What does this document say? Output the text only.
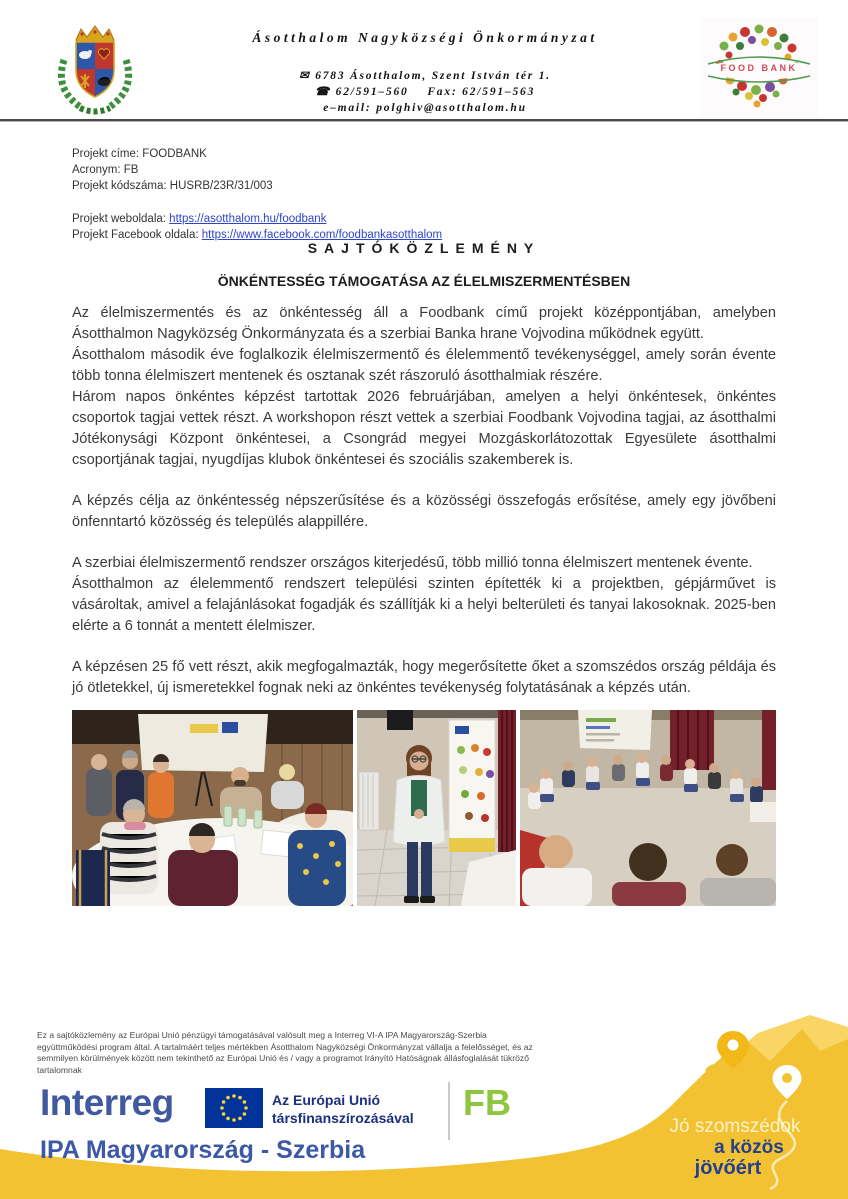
Ásotthalom Nagyközségi Önkormányzat
✉ 6783 Ásotthalom, Szent István tér 1.
☎ 62/591–560 Fax: 62/591–563
e–mail: polghiv@asotthalom.hu
FOOD BANK
Projekt címe: FOODBANK
Acronym: FB
Projekt kódszáma: HUSRB/23R/31/003
Projekt weboldala: https://asotthalom.hu/foodbank
Projekt Facebook oldala: https://www.facebook.com/foodbankasotthalom
SAJTÓKÖZLEMÉNY
ÖNKÉNTESSÉG TÁMOGATÁSA AZ ÉLELMISZERMENTÉSBEN

Az élelmiszermentés és az önkéntesség áll a Foodbank című projekt középpontjában, amelyben Ásotthalmon Nagyközség Önkormányzata és a szerbiai Banka hrane Vojvodina működnek együtt.

Ásotthalom második éve foglalkozik élelmiszermentő és élelemmentő tevékenységgel, amely során évente több tonna élelmiszert mentenek és osztanak szét rászoruló ásotthalmiak részére.

Három napos önkéntes képzést tartottak 2026 februárjában, amelyen a helyi önkéntesek, önkéntes csoportok tagjai vettek részt. A workshopon részt vettek a szerbiai Foodbank Vojvodina tagjai, az ásotthalmi Jótékonysági Központ önkéntesei, a Csongrád megyei Mozgáskorlátozottak Egyesülete ásotthalmi csoportjának tagjai, nyugdíjas klubok önkéntesei és szociális szakemberek is.

A képzés célja az önkéntesség népszerűsítése és a közösségi összefogás erősítése, amely egy jövőbeni önfenntartó közösség és település alappillére.

A szerbiai élelmiszermentő rendszer országos kiterjedésű, több millió tonna élelmiszert mentenek évente.

Ásotthalmon az élelemmentő rendszert települési szinten építették ki a projektben, gépjárművet is vásároltak, amivel a felajánlásokat fogadják és szállítják ki a helyi belterületi és tanyai lakosoknak. 2025-ben elérte a 6 tonnát a mentett élelmiszer.

A képzésen 25 fő vett részt, akik megfogalmazták, hogy megerősítette őket a szomszédos ország példája és jó ötletekkel, új ismeretekkel fognak neki az önkéntes tevékenység folytatásának a képzés után.

Ez a sajtóközlemény az Európai Unió pénzügyi támogatásával valósult meg a Interreg VI-A IPA Magyarország-Szerbia együttműködési program által. A tartalmáért teljes mértékben Ásotthalom Nagyközségi Önkormányzat vállalja a felelősséget, és az semmilyen körülmények között nem tekinthető az Európai Unió és / vagy a programot Irányító Hatóságnak állásfoglalását tükröző tartalomnak
Interreg	Az Európai Unió
társfinanszírozásával FB
IPA Magyarország - Szerbia
Jó szomszédok
a közös
jövőért
